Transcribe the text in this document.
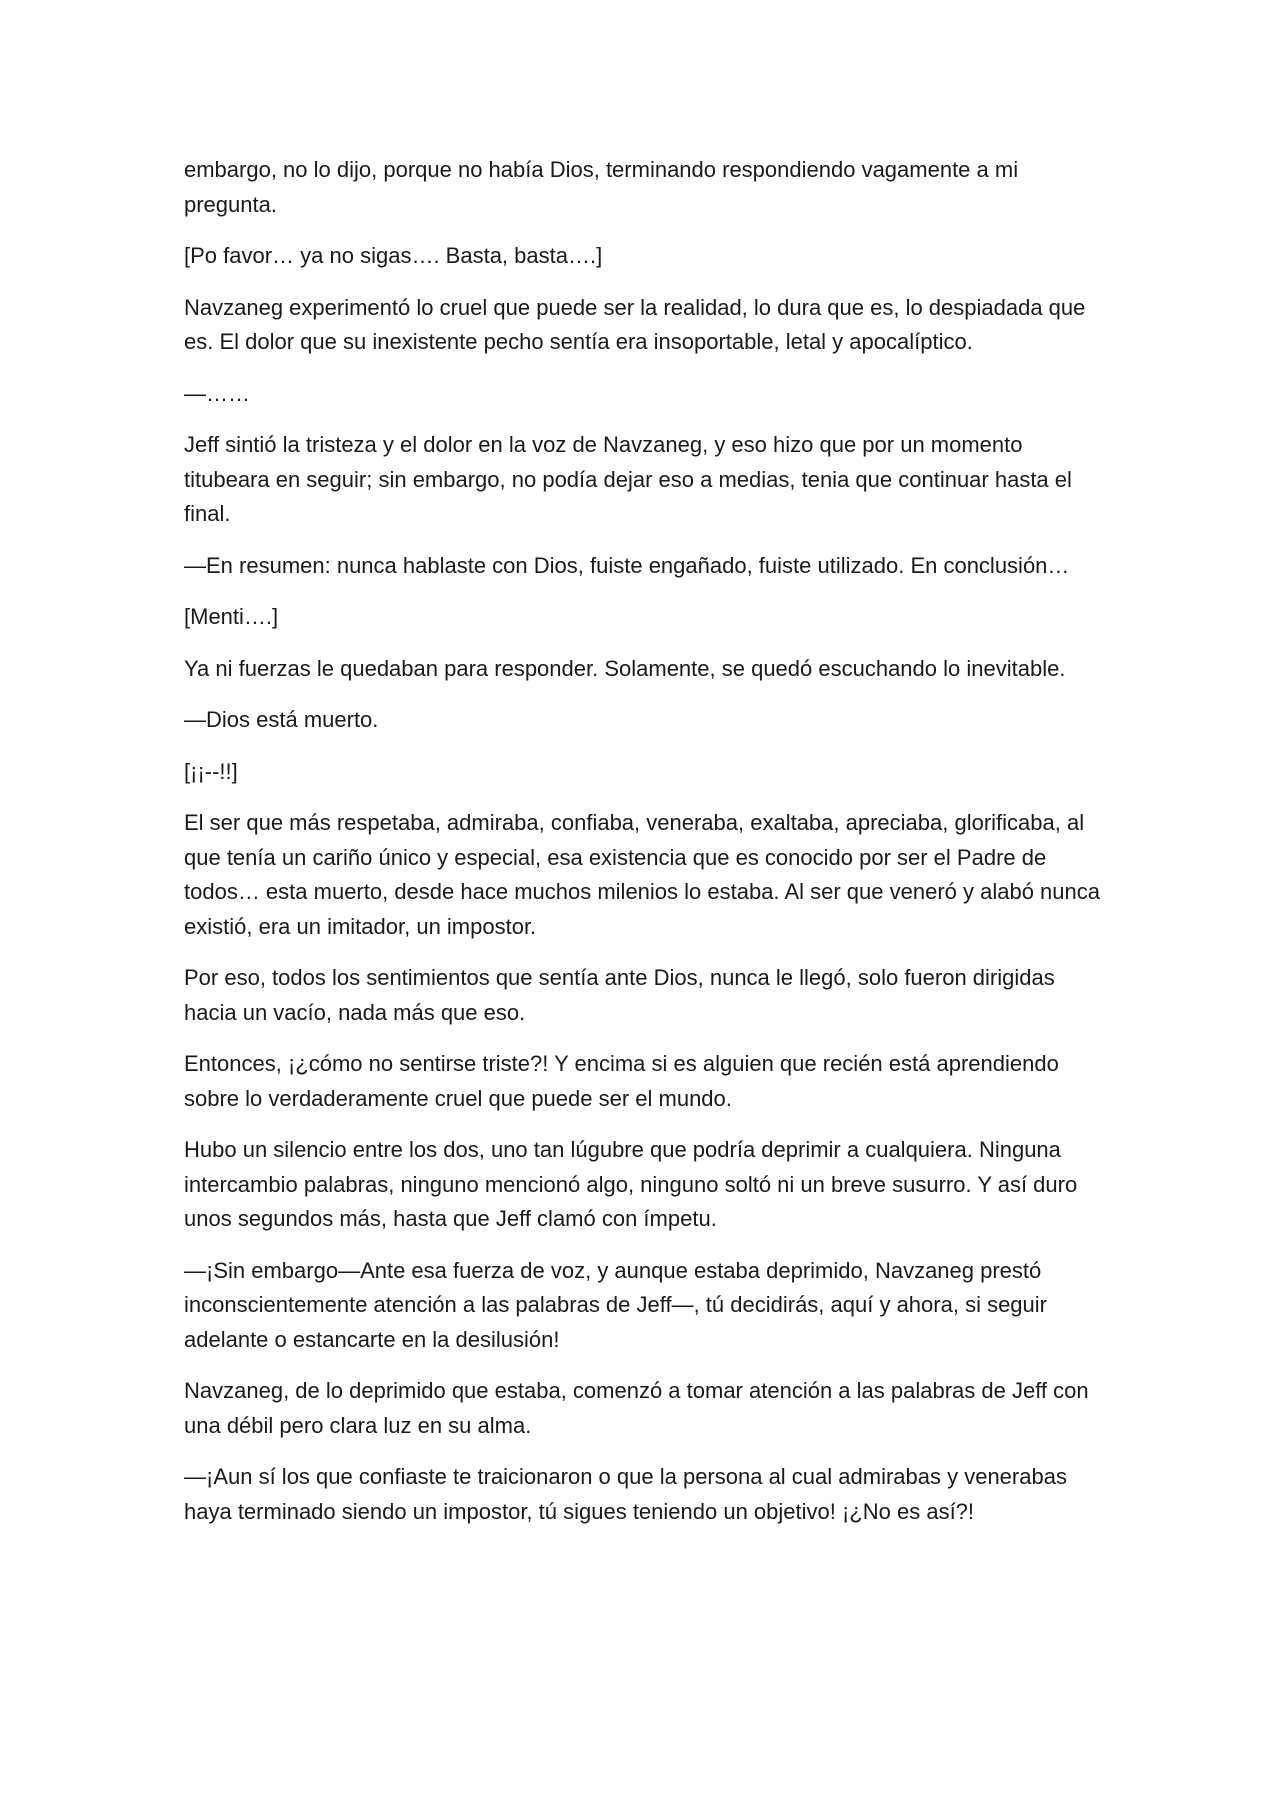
embargo, no lo dijo, porque no había Dios, terminando respondiendo vagamente a mi pregunta.

[Po favor… ya no sigas…. Basta, basta….]

Navzaneg experimentó lo cruel que puede ser la realidad, lo dura que es, lo despiadada que es. El dolor que su inexistente pecho sentía era insoportable, letal y apocalíptico.

—……

Jeff sintió la tristeza y el dolor en la voz de Navzaneg, y eso hizo que por un momento titubeara en seguir; sin embargo, no podía dejar eso a medias, tenia que continuar hasta el final.

—En resumen: nunca hablaste con Dios, fuiste engañado, fuiste utilizado. En conclusión…

[Menti….]

Ya ni fuerzas le quedaban para responder. Solamente, se quedó escuchando lo inevitable.

—Dios está muerto.

[¡¡--!!]

El ser que más respetaba, admiraba, confiaba, veneraba, exaltaba, apreciaba, glorificaba, al que tenía un cariño único y especial, esa existencia que es conocido por ser el Padre de todos… esta muerto, desde hace muchos milenios lo estaba. Al ser que veneró y alabó nunca existió, era un imitador, un impostor.

Por eso, todos los sentimientos que sentía ante Dios, nunca le llegó, solo fueron dirigidas hacia un vacío, nada más que eso.

Entonces, ¡¿cómo no sentirse triste?! Y encima si es alguien que recién está aprendiendo sobre lo verdaderamente cruel que puede ser el mundo.

Hubo un silencio entre los dos, uno tan lúgubre que podría deprimir a cualquiera. Ninguna intercambio palabras, ninguno mencionó algo, ninguno soltó ni un breve susurro. Y así duro unos segundos más, hasta que Jeff clamó con ímpetu.

—¡Sin embargo—Ante esa fuerza de voz, y aunque estaba deprimido, Navzaneg prestó inconscientemente atención a las palabras de Jeff—, tú decidirás, aquí y ahora, si seguir adelante o estancarte en la desilusión!

Navzaneg, de lo deprimido que estaba, comenzó a tomar atención a las palabras de Jeff con una débil pero clara luz en su alma.

—¡Aun sí los que confiaste te traicionaron o que la persona al cual admirabas y venerabas haya terminado siendo un impostor, tú sigues teniendo un objetivo! ¡¿No es así?!
